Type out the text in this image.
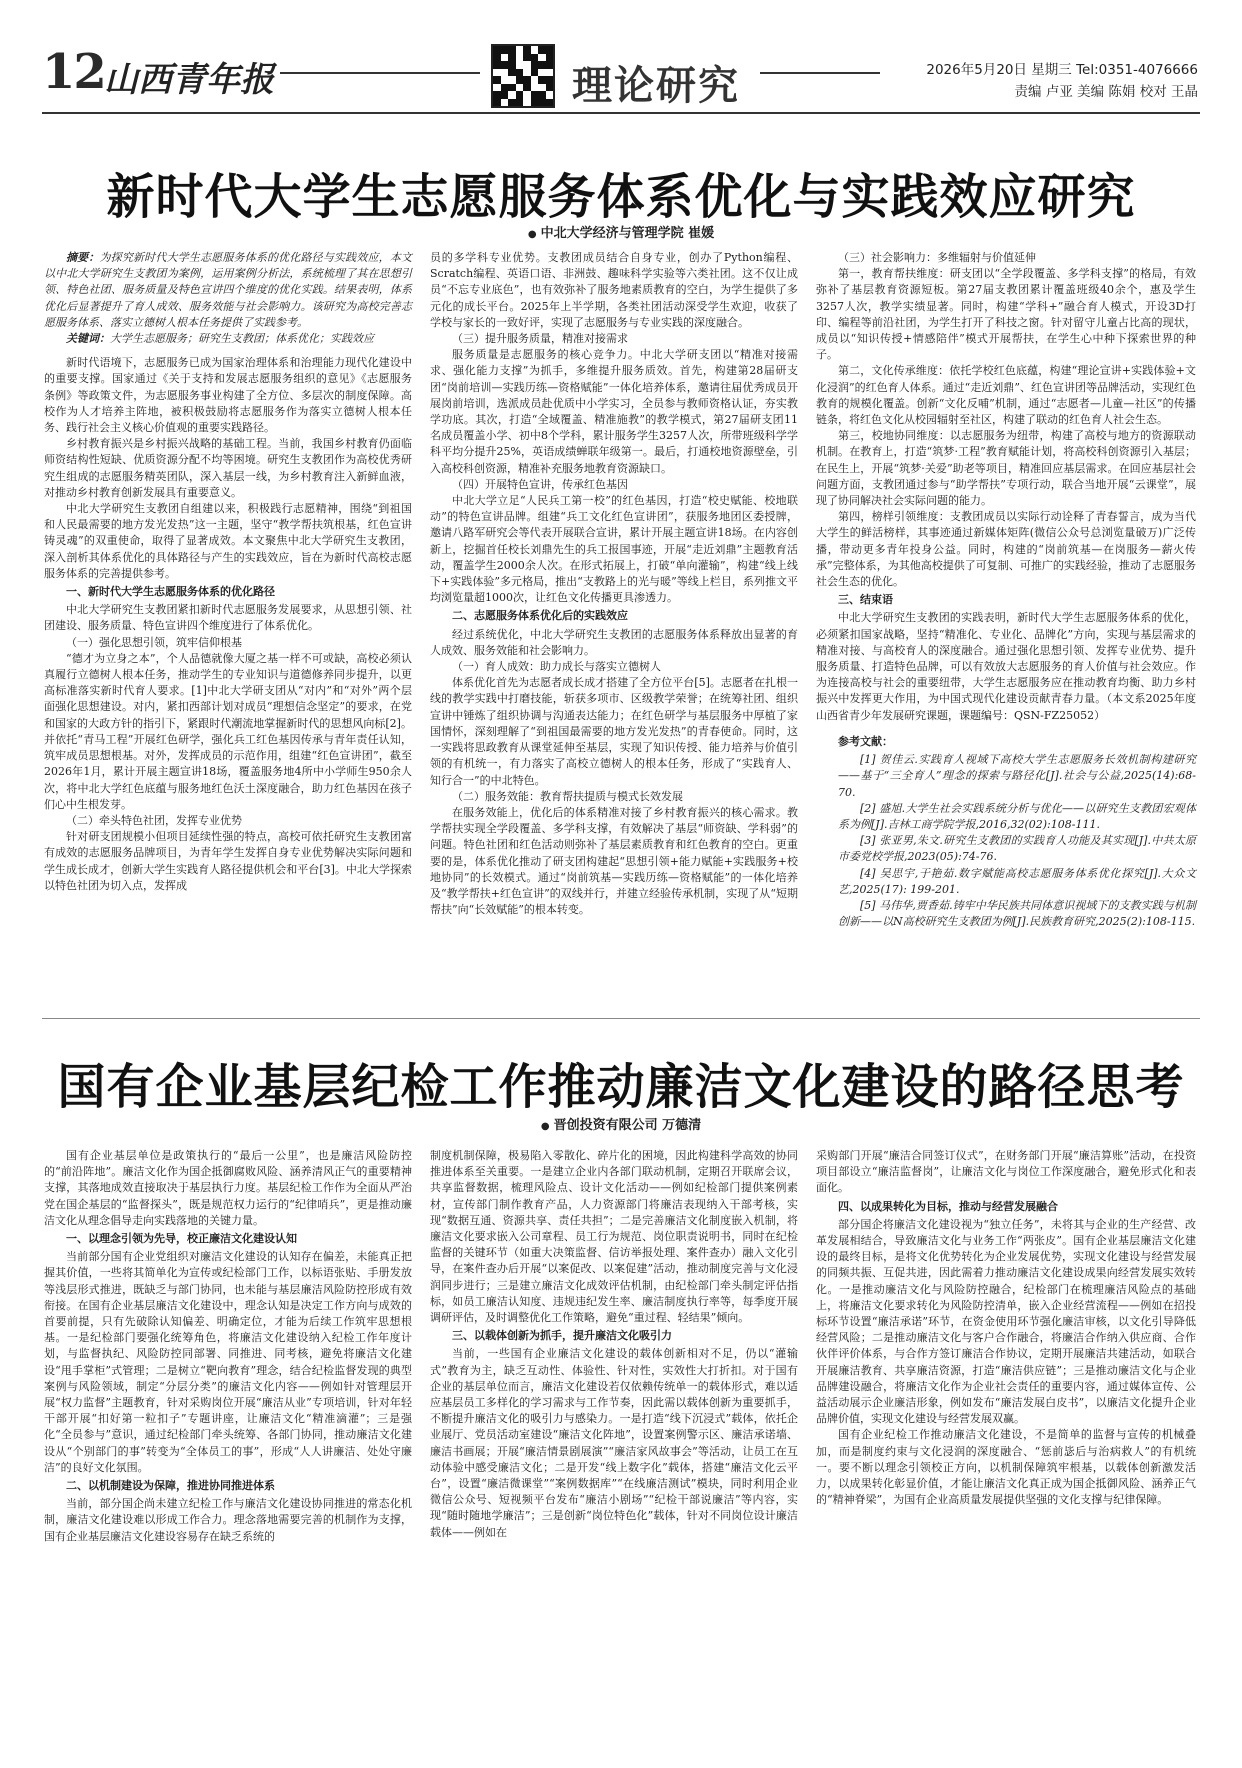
12 山西青年报	理论研究	2026年5月20日 星期三 Tel:0351-4076666
责编 卢亚 美编 陈娟 校对 王晶
新时代大学生志愿服务体系优化与实践效应研究
● 中北大学经济与管理学院 崔媛

摘要：为探究新时代大学生志愿服务体系的优化路径与实践效应，本文以中北大学研究生支教团为案例，运用案例分析法，系统梳理了其在思想引领、特色社团、服务质量及特色宣讲四个维度的优化实践。结果表明，体系优化后显著提升了育人成效、服务效能与社会影响力。该研究为高校完善志愿服务体系、落实立德树人根本任务提供了实践参考。

关键词：大学生志愿服务；研究生支教团；体系优化；实践效应

新时代语境下，志愿服务已成为国家治理体系和治理能力现代化建设中的重要支撑。国家通过《关于支持和发展志愿服务组织的意见》《志愿服务条例》等政策文件，为志愿服务事业构建了全方位、多层次的制度保障。高校作为人才培养主阵地，被积极鼓励将志愿服务作为落实立德树人根本任务、践行社会主义核心价值观的重要实践路径。

乡村教育振兴是乡村振兴战略的基础工程。当前，我国乡村教育仍面临师资结构性短缺、优质资源分配不均等困境。研究生支教团作为高校优秀研究生组成的志愿服务精英团队，深入基层一线，为乡村教育注入新鲜血液，对推动乡村教育创新发展具有重要意义。

中北大学研究生支教团自组建以来，积极践行志愿精神，围绕“到祖国和人民最需要的地方发光发热”这一主题，坚守“教学帮扶筑根基，红色宣讲铸灵魂”的双重使命，取得了显著成效。本文聚焦中北大学研究生支教团，深入剖析其体系优化的具体路径与产生的实践效应，旨在为新时代高校志愿服务体系的完善提供参考。

一、新时代大学生志愿服务体系的优化路径

中北大学研究生支教团紧扣新时代志愿服务发展要求，从思想引领、社团建设、服务质量、特色宣讲四个维度进行了体系优化。

（一）强化思想引领，筑牢信仰根基

“德才为立身之本”，个人品德就像大厦之基一样不可或缺，高校必须认真履行立德树人根本任务，推动学生的专业知识与道德修养同步提升，以更高标准落实新时代育人要求。[1]中北大学研支团从“对内”和“对外”两个层面强化思想建设。对内，紧扣西部计划对成员“理想信念坚定”的要求，在党和国家的大政方针的指引下，紧跟时代潮流地掌握新时代的思想风向标[2]。并依托“青马工程”开展红色研学，强化兵工红色基因传承与青年责任认知，筑牢成员思想根基。对外，发挥成员的示范作用，组建“红色宣讲团”，截至2026年1月，累计开展主题宣讲18场，覆盖服务地4所中小学师生950余人次，将中北大学红色底蕴与服务地红色沃土深度融合，助力红色基因在孩子们心中生根发芽。

（二）牵头特色社团，发挥专业优势

针对研支团规模小但项目延续性强的特点，高校可依托研究生支教团富有成效的志愿服务品牌项目，为青年学生发挥自身专业优势解决实际问题和学生成长成才，创新大学生实践育人路径提供机会和平台[3]。中北大学探索以特色社团为切入点，发挥成

员的多学科专业优势。支教团成员结合自身专业，创办了Python编程、Scratch编程、英语口语、非洲鼓、趣味科学实验等六类社团。这不仅让成员“不忘专业底色”，也有效弥补了服务地素质教育的空白，为学生提供了多元化的成长平台。2025年上半学期，各类社团活动深受学生欢迎，收获了学校与家长的一致好评，实现了志愿服务与专业实践的深度融合。

（三）提升服务质量，精准对接需求

服务质量是志愿服务的核心竞争力。中北大学研支团以“精准对接需求、强化能力支撑”为抓手，多维提升服务质效。首先，构建第28届研支团“岗前培训—实践历练—资格赋能”一体化培养体系，邀请往届优秀成员开展岗前培训，选派成员赴优质中小学实习，全员参与教师资格认证，夯实教学功底。其次，打造“全域覆盖、精准施教”的教学模式，第27届研支团11名成员覆盖小学、初中8个学科，累计服务学生3257人次，所带班级科学学科平均分提升25%，英语成绩蝉联年级第一。最后，打通校地资源壁垒，引入高校科创资源，精准补充服务地教育资源缺口。

（四）开展特色宣讲，传承红色基因

中北大学立足“人民兵工第一校”的红色基因，打造“校史赋能、校地联动”的特色宣讲品牌。组建“兵工文化红色宣讲团”，获服务地团区委授牌，邀请八路军研究会等代表开展联合宣讲，累计开展主题宣讲18场。在内容创新上，挖掘首任校长刘鼎先生的兵工报国事迹，开展“走近刘鼎”主题教育活动，覆盖学生2000余人次。在形式拓展上，打破“单向灌输”，构建“线上线下+实践体验”多元格局，推出“支教路上的光与暖”等线上栏目，系列推文平均浏览量超1000次，让红色文化传播更具渗透力。

二、志愿服务体系优化后的实践效应

经过系统优化，中北大学研究生支教团的志愿服务体系释放出显著的育人成效、服务效能和社会影响力。

（一）育人成效：助力成长与落实立德树人

体系优化首先为志愿者成长成才搭建了全方位平台[5]。志愿者在扎根一线的教学实践中打磨技能，斩获多项市、区级教学荣誉；在统筹社团、组织宣讲中锤炼了组织协调与沟通表达能力；在红色研学与基层服务中厚植了家国情怀，深刻理解了“到祖国最需要的地方发光发热”的青春使命。同时，这一实践将思政教育从课堂延伸至基层，实现了知识传授、能力培养与价值引领的有机统一，有力落实了高校立德树人的根本任务，形成了“实践育人、知行合一”的中北特色。

（二）服务效能：教育帮扶提质与模式长效发展

在服务效能上，优化后的体系精准对接了乡村教育振兴的核心需求。教学帮扶实现全学段覆盖、多学科支撑，有效解决了基层“师资缺、学科弱”的问题。特色社团和红色活动则弥补了基层素质教育和红色教育的空白。更重要的是，体系优化推动了研支团构建起“思想引领+能力赋能+实践服务+校地协同”的长效模式。通过“岗前筑基—实践历练—资格赋能”的一体化培养及“教学帮扶+红色宣讲”的双线并行，并建立经验传承机制，实现了从“短期帮扶”向“长效赋能”的根本转变。

（三）社会影响力：多维辐射与价值延伸

第一，教育帮扶维度：研支团以“全学段覆盖、多学科支撑”的格局，有效弥补了基层教育资源短板。第27届支教团累计覆盖班级40余个，惠及学生3257人次，教学实绩显著。同时，构建“学科+”融合育人模式，开设3D打印、编程等前沿社团，为学生打开了科技之窗。针对留守儿童占比高的现状，成员以“知识传授+情感陪伴”模式开展帮扶，在学生心中种下探索世界的种子。

第二，文化传承维度：依托学校红色底蕴，构建“理论宣讲+实践体验+文化浸润”的红色育人体系。通过“走近刘鼎”、红色宣讲团等品牌活动，实现红色教育的规模化覆盖。创新“文化反哺”机制，通过“志愿者—儿童—社区”的传播链条，将红色文化从校园辐射至社区，构建了联动的红色育人社会生态。

第三，校地协同维度：以志愿服务为纽带，构建了高校与地方的资源联动机制。在教育上，打造“筑梦·工程”教育赋能计划，将高校科创资源引入基层；在民生上，开展“筑梦·关爱”助老等项目，精准回应基层需求。在回应基层社会问题方面，支教团通过参与“助学帮扶”专项行动，联合当地开展“云课堂”，展现了协同解决社会实际问题的能力。

第四，榜样引领维度：支教团成员以实际行动诠释了青春誓言，成为当代大学生的鲜活榜样，其事迹通过新媒体矩阵(微信公众号总浏览量破万)广泛传播，带动更多青年投身公益。同时，构建的“岗前筑基—在岗服务—薪火传承”完整体系，为其他高校提供了可复制、可推广的实践经验，推动了志愿服务社会生态的优化。

三、结束语

中北大学研究生支教团的实践表明，新时代大学生志愿服务体系的优化，必须紧扣国家战略，坚持“精准化、专业化、品牌化”方向，实现与基层需求的精准对接、与高校育人的深度融合。通过强化思想引领、发挥专业优势、提升服务质量、打造特色品牌，可以有效放大志愿服务的育人价值与社会效应。作为连接高校与社会的重要纽带，大学生志愿服务应在推动教育均衡、助力乡村振兴中发挥更大作用，为中国式现代化建设贡献青春力量。（本文系2025年度山西省青少年发展研究课题，课题编号：QSN-FZ25052）

参考文献：

[1] 贺佳云.实践育人视域下高校大学生志愿服务长效机制构建研究——基于“三全育人”理念的探索与路径化[J].社会与公益,2025(14):68-70.

[2] 盛旭.大学生社会实践系统分析与优化——以研究生支教团宏观体系为例[J].吉林工商学院学报,2016,32(02):108-111.

[3] 张亚男,朱文.研究生支教团的实践育人功能及其实现[J].中共太原市委党校学报,2023(05):74-76.

[4] 吴思宇,于艳茹.数字赋能高校志愿服务体系优化探究[J].大众文艺,2025(17): 199-201.

[5] 马伟华,贾香茹.铸牢中华民族共同体意识视域下的支教实践与机制创新——以N高校研究生支教团为例[J].民族教育研究,2025(2):108-115.

国有企业基层纪检工作推动廉洁文化建设的路径思考
● 晋创投资有限公司 万德清

国有企业基层单位是政策执行的“最后一公里”，也是廉洁风险防控的“前沿阵地”。廉洁文化作为国企抵御腐败风险、涵养清风正气的重要精神支撑，其落地成效直接取决于基层执行力度。基层纪检工作作为全面从严治党在国企基层的“监督探头”，既是规范权力运行的“纪律哨兵”，更是推动廉洁文化从理念倡导走向实践落地的关键力量。

一、以理念引领为先导，校正廉洁文化建设认知

当前部分国有企业党组织对廉洁文化建设的认知存在偏差，未能真正把握其价值，一些将其简单化为宣传或纪检部门工作，以标语张贴、手册发放等浅层形式推进，既缺乏与部门协同，也未能与基层廉洁风险防控形成有效衔接。在国有企业基层廉洁文化建设中，理念认知是决定工作方向与成效的首要前提，只有先破除认知偏差、明确定位，才能为后续工作筑牢思想根基。一是纪检部门要强化统筹角色，将廉洁文化建设纳入纪检工作年度计划，与监督执纪、风险防控同部署、同推进、同考核，避免将廉洁文化建设“甩手掌柜”式管理；二是树立“靶向教育”理念，结合纪检监督发现的典型案例与风险领域，制定“分层分类”的廉洁文化内容——例如针对管理层开展“权力监督”主题教育，针对采购岗位开展“廉洁从业”专项培训，针对年轻干部开展“扣好第一粒扣子”专题讲座，让廉洁文化“精准滴灌”；三是强化“全员参与”意识，通过纪检部门牵头统筹、各部门协同，推动廉洁文化建设从“个别部门的事”转变为“全体员工的事”，形成“人人讲廉洁、处处守廉洁”的良好文化氛围。

二、以机制建设为保障，推进协同推进体系

当前，部分国企尚未建立纪检工作与廉洁文化建设协同推进的常态化机制，廉洁文化建设难以形成工作合力。理念落地需要完善的机制作为支撑，国有企业基层廉洁文化建设容易存在缺乏系统的

制度机制保障，极易陷入零散化、碎片化的困境，因此构建科学高效的协同推进体系至关重要。一是建立企业内各部门联动机制，定期召开联席会议，共享监督数据，梳理风险点、设计文化活动——例如纪检部门提供案例素材，宣传部门制作教育产品，人力资源部门将廉洁表现纳入干部考核，实现“数据互通、资源共享、责任共担”；二是完善廉洁文化制度嵌入机制，将廉洁文化要求嵌入公司章程、员工行为规范、岗位职责说明书，同时在纪检监督的关键环节（如重大决策监督、信访举报处理、案件查办）融入文化引导，在案件查办后开展“以案促改、以案促建”活动，推动制度完善与文化浸润同步进行；三是建立廉洁文化成效评估机制，由纪检部门牵头制定评估指标，如员工廉洁认知度、违规违纪发生率、廉洁制度执行率等，每季度开展调研评估，及时调整优化工作策略，避免“重过程、轻结果”倾向。

三、以载体创新为抓手，提升廉洁文化吸引力

当前，一些国有企业廉洁文化建设的载体创新相对不足，仍以“灌输式”教育为主，缺乏互动性、体验性、针对性，实效性大打折扣。对于国有企业的基层单位而言，廉洁文化建设若仅依赖传统单一的载体形式，难以适应基层员工多样化的学习需求与工作节奏，因此需以载体创新为重要抓手，不断提升廉洁文化的吸引力与感染力。一是打造“线下沉浸式”载体，依托企业展厅、党员活动室建设“廉洁文化阵地”，设置案例警示区、廉洁承诺墙、廉洁书画展；开展“廉洁情景剧展演”“廉洁家风故事会”等活动，让员工在互动体验中感受廉洁文化；二是开发“线上数字化”载体，搭建“廉洁文化云平台”，设置“廉洁微课堂”“案例数据库”“在线廉洁测试”模块，同时利用企业微信公众号、短视频平台发布“廉洁小剧场”“纪检干部说廉洁”等内容，实现“随时随地学廉洁”；三是创新“岗位特色化”载体，针对不同岗位设计廉洁载体——例如在

采购部门开展“廉洁合同签订仪式”，在财务部门开展“廉洁算账”活动，在投资项目部设立“廉洁监督岗”，让廉洁文化与岗位工作深度融合，避免形式化和表面化。

四、以成果转化为目标，推动与经营发展融合

部分国企将廉洁文化建设视为“独立任务”，未将其与企业的生产经营、改革发展相结合，导致廉洁文化与业务工作“两张皮”。国有企业基层廉洁文化建设的最终目标，是将文化优势转化为企业发展优势，实现文化建设与经营发展的同频共振、互促共进，因此需着力推动廉洁文化建设成果向经营发展实效转化。一是推动廉洁文化与风险防控融合，纪检部门在梳理廉洁风险点的基础上，将廉洁文化要求转化为风险防控清单，嵌入企业经营流程——例如在招投标环节设置“廉洁承诺”环节，在资金使用环节强化廉洁审核，以文化引导降低经营风险；二是推动廉洁文化与客户合作融合，将廉洁合作纳入供应商、合作伙伴评价体系，与合作方签订廉洁合作协议，定期开展廉洁共建活动，如联合开展廉洁教育、共享廉洁资源，打造“廉洁供应链”；三是推动廉洁文化与企业品牌建设融合，将廉洁文化作为企业社会责任的重要内容，通过媒体宣传、公益活动展示企业廉洁形象，例如发布“廉洁发展白皮书”，以廉洁文化提升企业品牌价值，实现文化建设与经营发展双赢。

国有企业纪检工作推动廉洁文化建设，不是简单的监督与宣传的机械叠加，而是制度约束与文化浸润的深度融合、“惩前毖后与治病救人”的有机统一。要不断以理念引领校正方向，以机制保障筑牢根基，以载体创新激发活力，以成果转化彰显价值，才能让廉洁文化真正成为国企抵御风险、涵养正气的“精神脊梁”，为国有企业高质量发展提供坚强的文化支撑与纪律保障。
